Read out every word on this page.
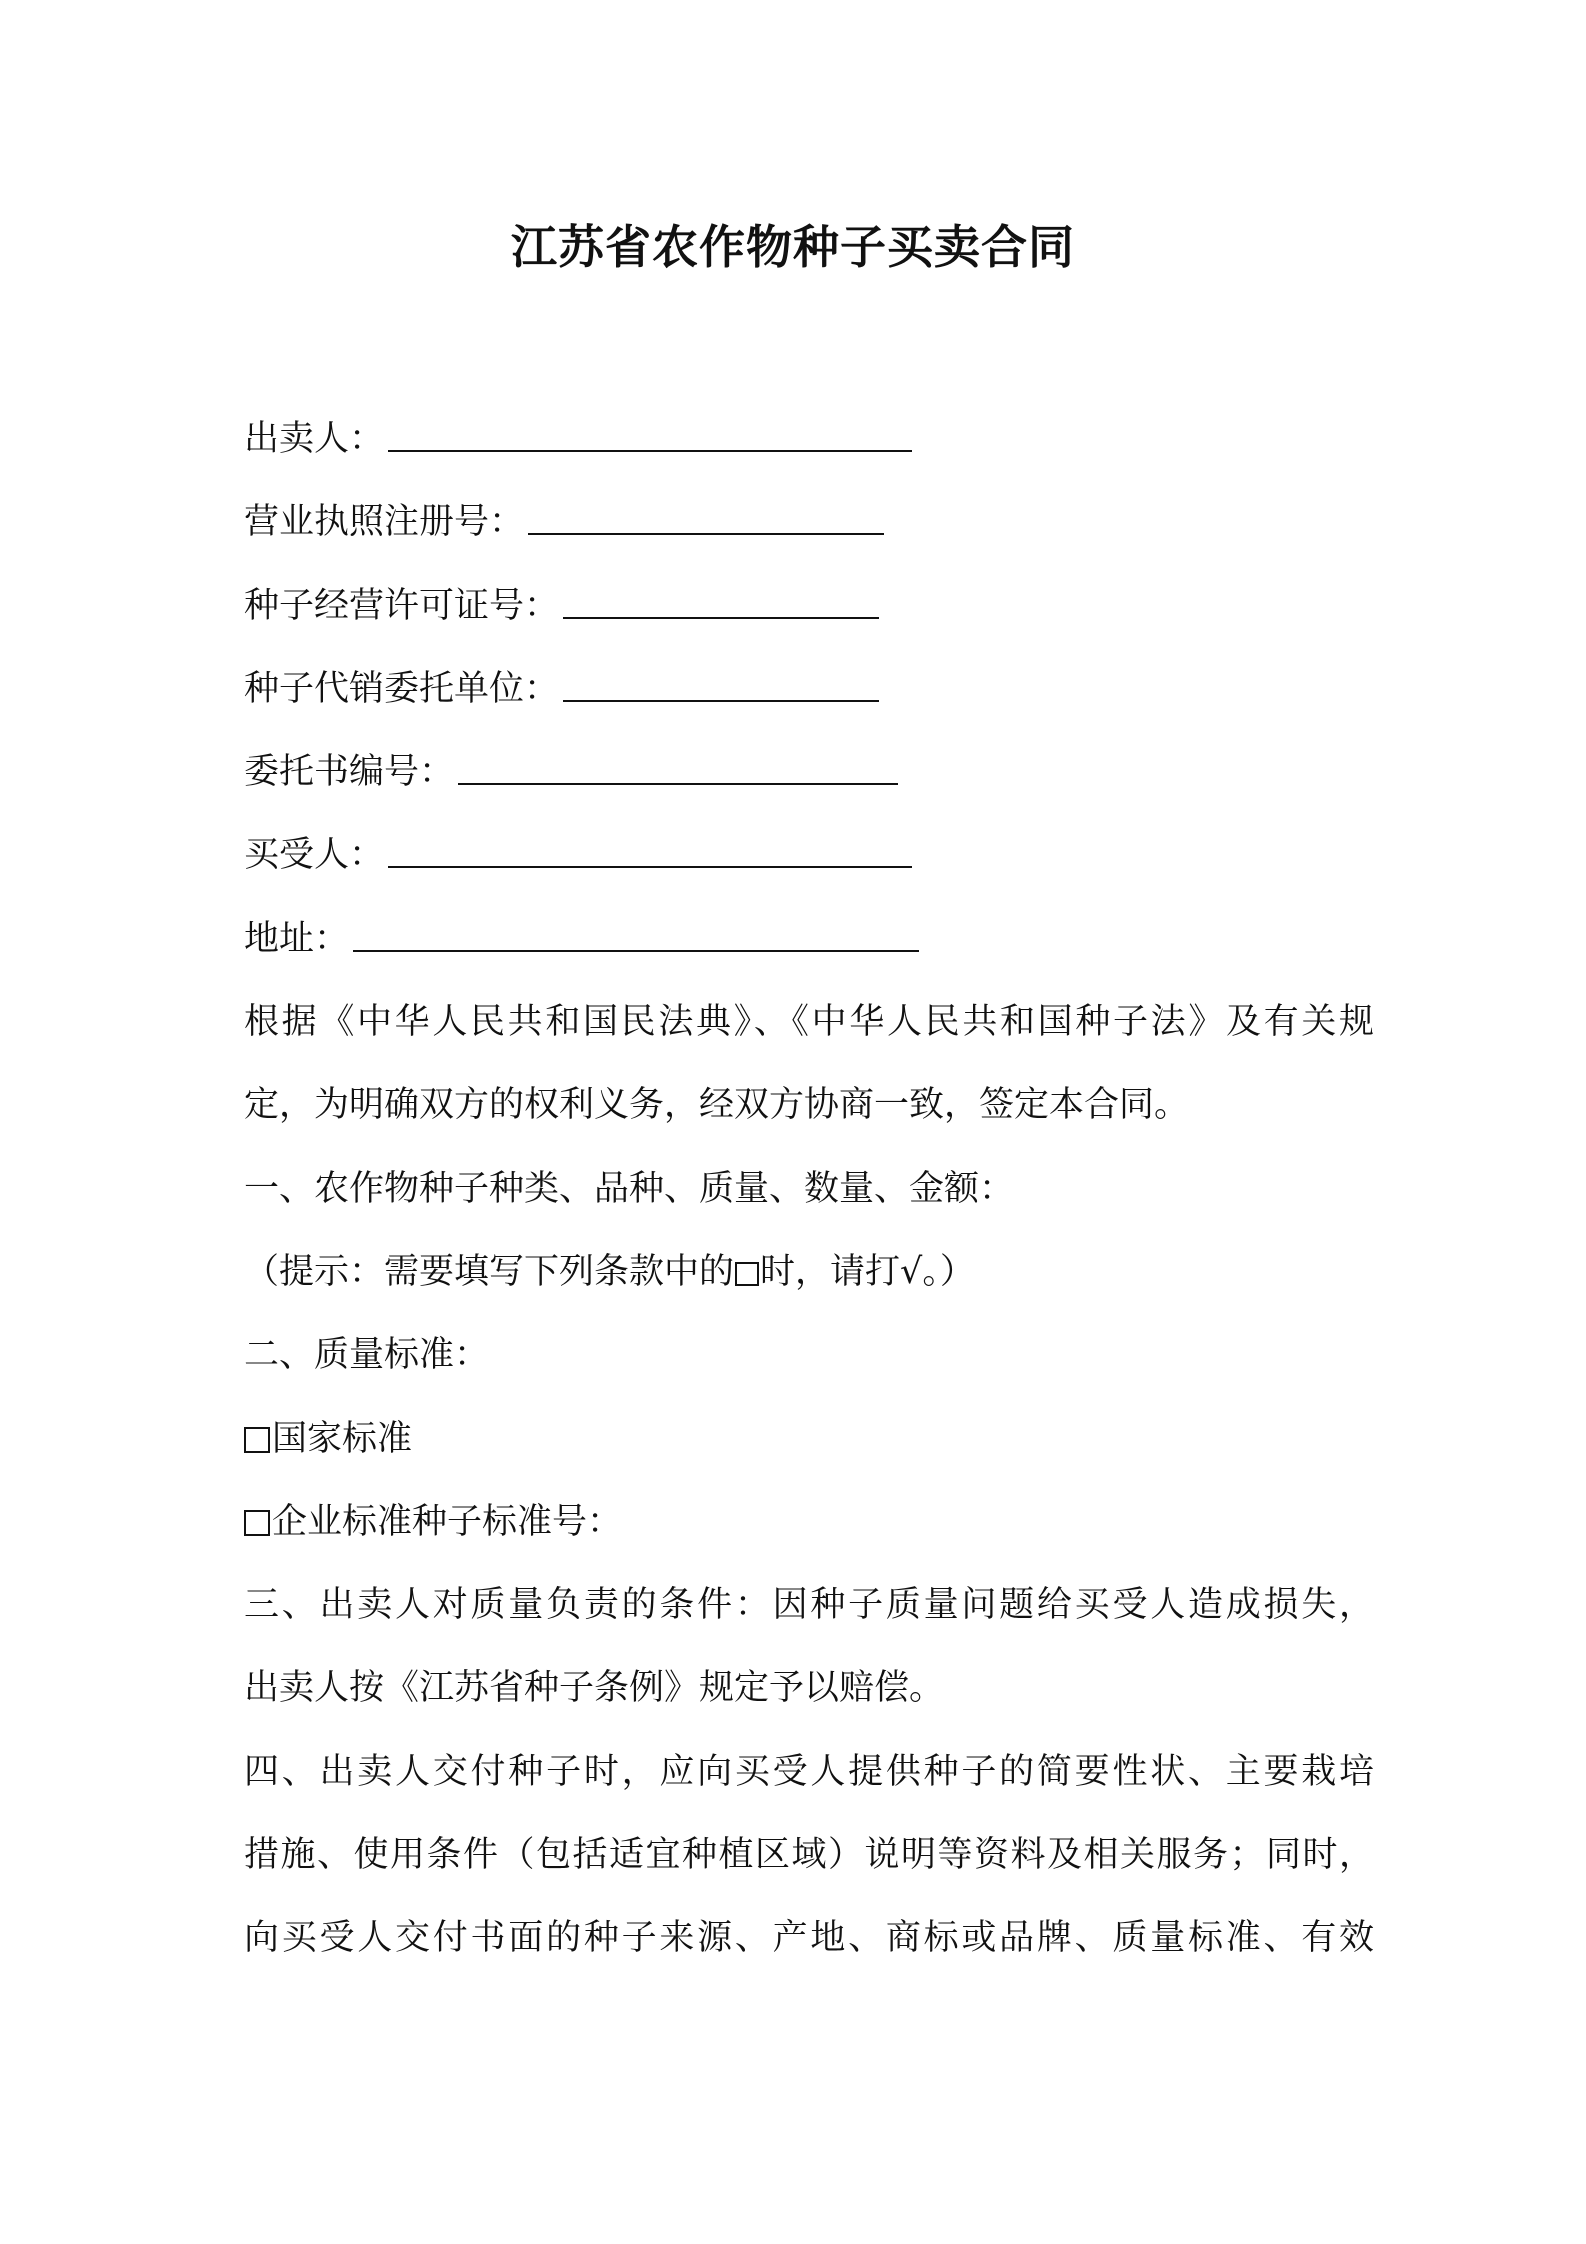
江苏省农作物种子买卖合同
出卖人：
营业执照注册号：
种子经营许可证号：
种子代销委托单位：
委托书编号：
买受人：
地址：
根据《中华人民共和国民法典》、《中华人民共和国种子法》及有关规
定，为明确双方的权利义务，经双方协商一致，签定本合同。
一、农作物种子种类、品种、质量、数量、金额：
（提示：需要填写下列条款中的 时，请打√。）
二、质量标准：
国家标准
企业标准种子标准号：
三、出卖人对质量负责的条件：因种子质量问题给买受人造成损失，
出卖人按《江苏省种子条例》规定予以赔偿。
四、出卖人交付种子时，应向买受人提供种子的简要性状、主要栽培
措施、使用条件（包括适宜种植区域）说明等资料及相关服务；同时，
向买受人交付书面的种子来源、产地、商标或品牌、质量标准、有效
